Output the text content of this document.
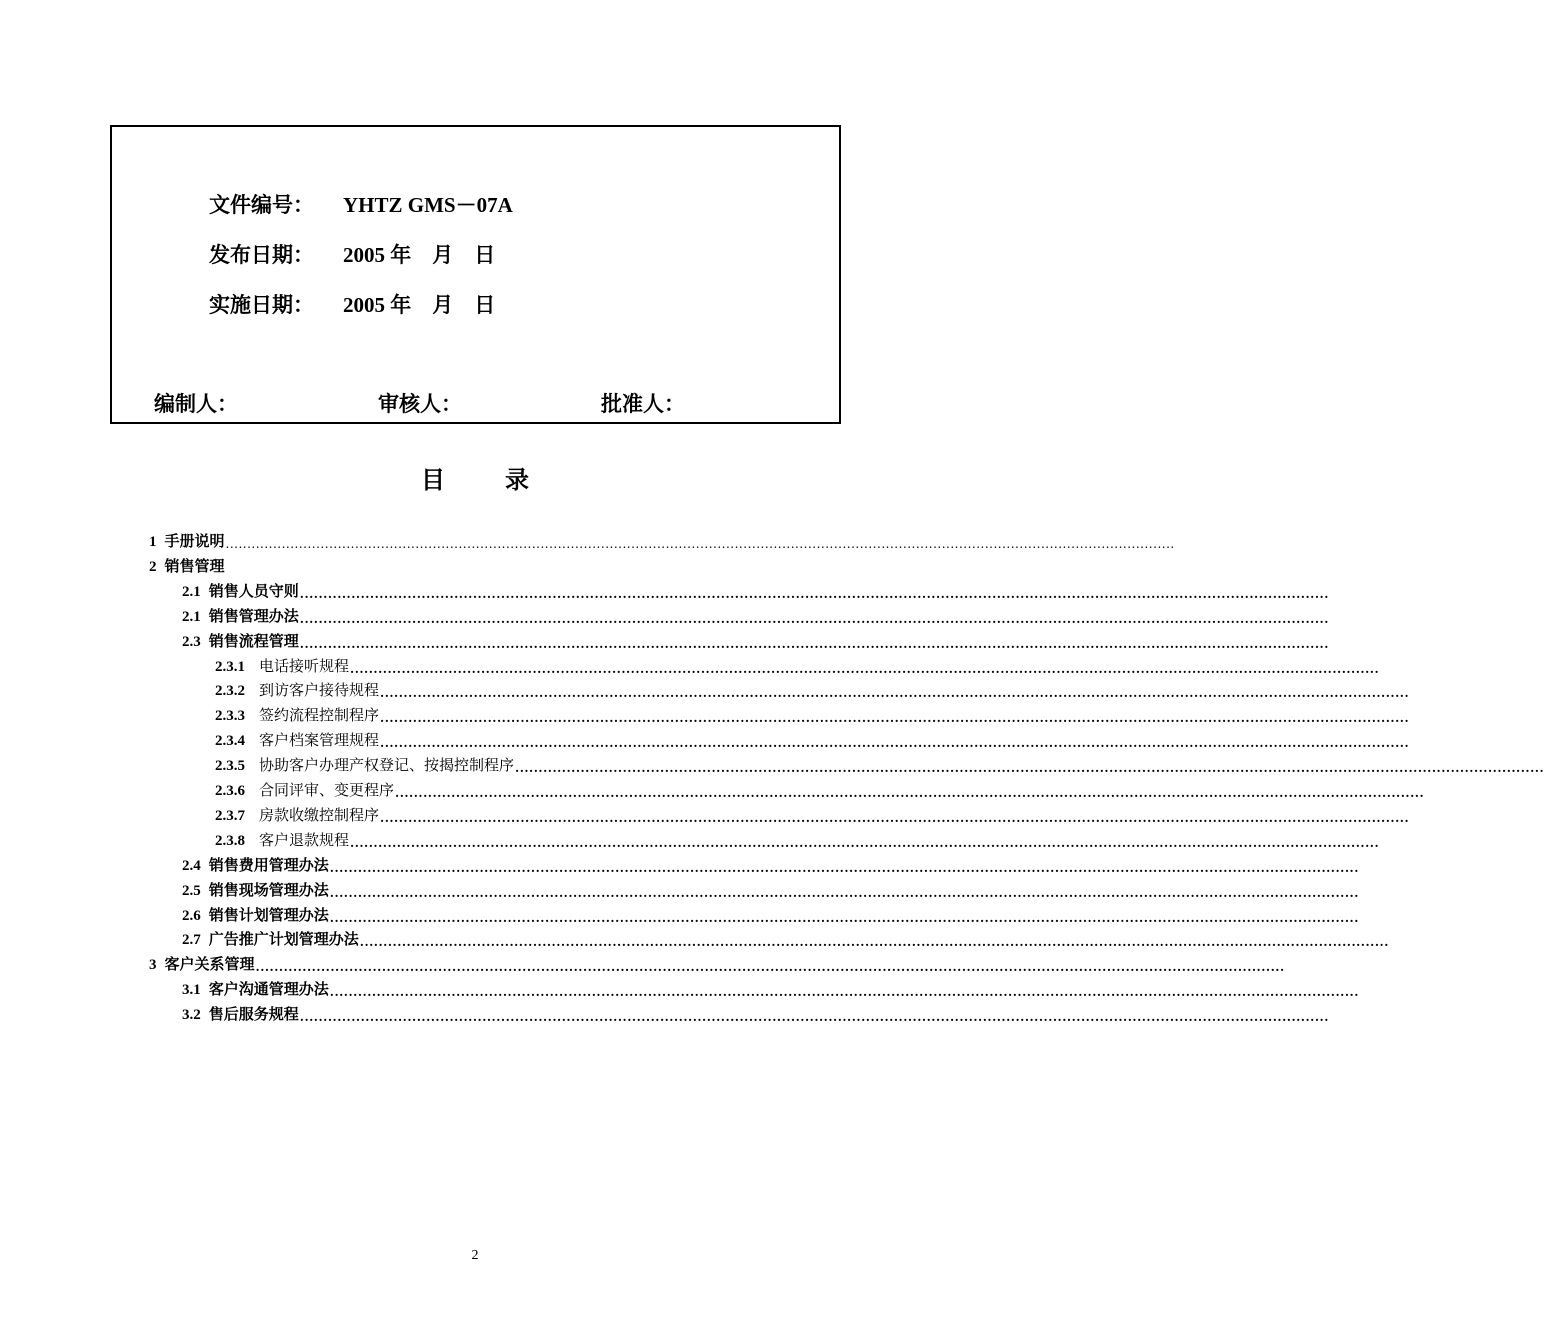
文件编号：	YHTZ GMS－07A
发布日期：	2005 年　月　日
实施日期：	2005 年　月　日
编制人：	审核人：	批准人：
目录
1 手册说明 ............................................................................................................................................................................................................................
2 销售管理
2.1 销售人员守则 ............................................................................................................................................................................................................................
2.1 销售管理办法 ............................................................................................................................................................................................................................
2.3 销售流程管理 ............................................................................................................................................................................................................................
2.3.1 电话接听规程 ............................................................................................................................................................................................................................
2.3.2 到访客户接待规程 ............................................................................................................................................................................................................................
2.3.3 签约流程控制程序 ............................................................................................................................................................................................................................
2.3.4 客户档案管理规程 ............................................................................................................................................................................................................................
2.3.5 协助客户办理产权登记、按揭控制程序 ............................................................................................................................................................................................................................
2.3.6 合同评审、变更程序 ............................................................................................................................................................................................................................
2.3.7 房款收缴控制程序 ............................................................................................................................................................................................................................
2.3.8 客户退款规程 ............................................................................................................................................................................................................................
2.4 销售费用管理办法 ............................................................................................................................................................................................................................
2.5 销售现场管理办法 ............................................................................................................................................................................................................................
2.6 销售计划管理办法 ............................................................................................................................................................................................................................
2.7 广告推广计划管理办法 ............................................................................................................................................................................................................................
3 客户关系管理 ............................................................................................................................................................................................................................
3.1 客户沟通管理办法 ............................................................................................................................................................................................................................
3.2 售后服务规程 ............................................................................................................................................................................................................................
2
